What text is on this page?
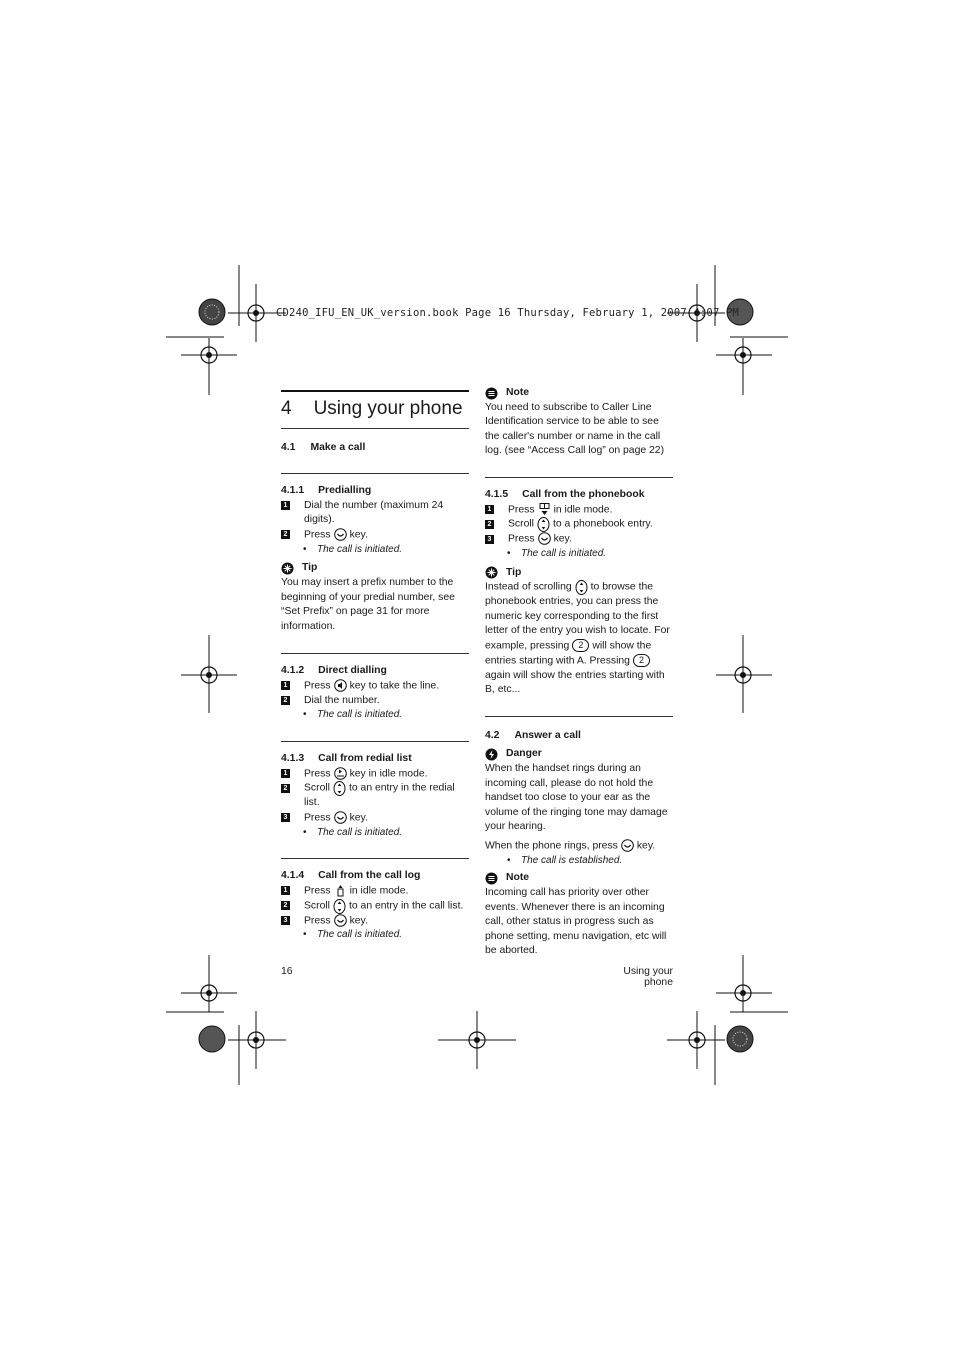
CD240_IFU_EN_UK_version.book Page 16 Thursday, February 1, 2007 4:07 PM
4 Using your phone
4.1 Make a call
4.1.1 Predialling
1 Dial the number (maximum 24 digits).
2 Press key.
•	The call is initiated.
Tip

You may insert a prefix number to the beginning of your predial number, see “Set Prefix” on page 31 for more information.

4.1.2 Direct dialling
1 Press key to take the line.
2 Dial the number.
•	The call is initiated.
4.1.3 Call from redial list
1 Press key in idle mode.
2 Scroll to an entry in the redial list.
3 Press key.
•	The call is initiated.
4.1.4 Call from the call log
1 Press in idle mode.
2 Scroll to an entry in the call list.
3 Press key.
•	The call is initiated.
Note

You need to subscribe to Caller Line Identification service to be able to see the caller's number or name in the call log. (see “Access Call log” on page 22)

4.1.5 Call from the phonebook
1 Press in idle mode.
2 Scroll to a phonebook entry.
3 Press key.
•	The call is initiated.
Tip

Instead of scrolling to browse the phonebook entries, you can press the numeric key corresponding to the first letter of the entry you wish to locate. For example, pressing 2 will show the entries starting with A. Pressing 2again will show the entries starting with B, etc...

4.2 Answer a call
Danger

When the handset rings during an incoming call, please do not hold the handset too close to your ear as the volume of the ringing tone may damage your hearing.

When the phone rings, press key.

•	The call is established.
Note

Incoming call has priority over other events. Whenever there is an incoming call, other status in progress such as phone setting, menu navigation, etc will be aborted.

16	Using your phone
